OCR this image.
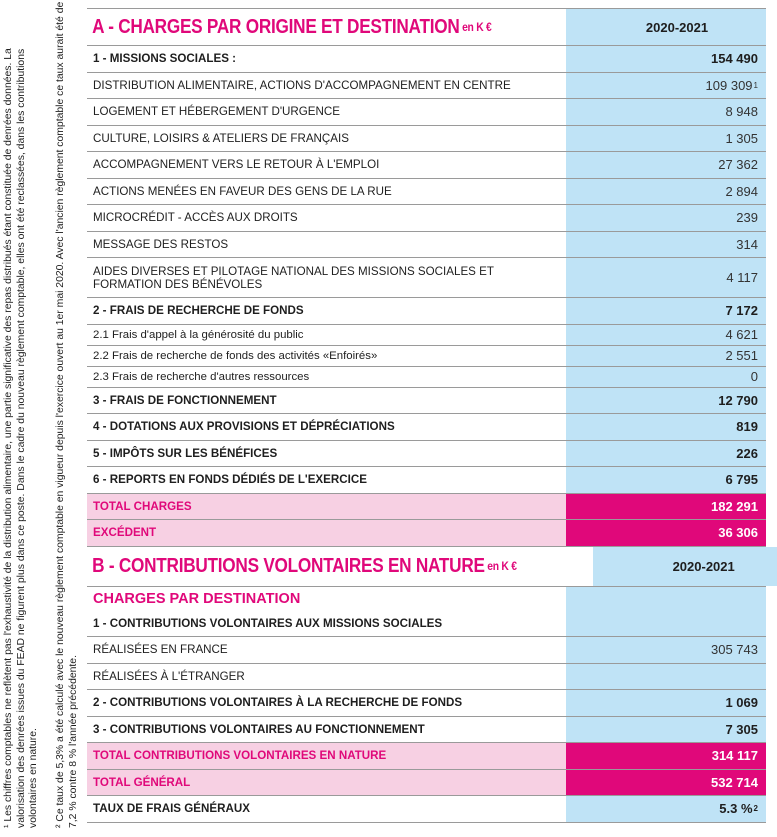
¹ Les chiffres comptables ne reflètent pas l'exhaustivité de la distribution alimentaire, une partie significative des repas distribués étant constituée de denrées données. La valorisation des denrées issues du FEAD ne figurent plus dans ce poste. Dans le cadre du nouveau règlement comptable, elles ont été reclassées, dans les contributions volontaires en nature. ² Ce taux de 5,3% a été calculé avec le nouveau règlement comptable en vigueur depuis l'exercice ouvert au 1er mai 2020. Avec l'ancien règlement comptable ce taux aurait été de 7,2 % contre 8 % l'année précédente.
A - CHARGES PAR ORIGINE ET DESTINATION en K €	2020-2021
1 - MISSIONS SOCIALES :	154 490
DISTRIBUTION ALIMENTAIRE, ACTIONS D'ACCOMPAGNEMENT EN CENTRE	109 309 1
LOGEMENT ET HÉBERGEMENT D'URGENCE	8 948
CULTURE, LOISIRS & ATELIERS DE FRANÇAIS	1 305
ACCOMPAGNEMENT VERS LE RETOUR À L'EMPLOI	27 362
ACTIONS MENÉES EN FAVEUR DES GENS DE LA RUE	2 894
MICROCRÉDIT - ACCÈS AUX DROITS	239
MESSAGE DES RESTOS	314
AIDES DIVERSES ET PILOTAGE NATIONAL DES MISSIONS SOCIALES ET FORMATION DES BÉNÉVOLES	4 117
2 - FRAIS DE RECHERCHE DE FONDS	7 172
2.1 Frais d'appel à la générosité du public	4 621
2.2 Frais de recherche de fonds des activités «Enfoirés»	2 551
2.3 Frais de recherche d'autres ressources	0
3 - FRAIS DE FONCTIONNEMENT	12 790
4 - DOTATIONS AUX PROVISIONS ET DÉPRÉCIATIONS	819
5 - IMPÔTS SUR LES BÉNÉFICES	226
6 - REPORTS EN FONDS DÉDIÉS DE L'EXERCICE	6 795
TOTAL CHARGES	182 291
EXCÉDENT	36 306
B - CONTRIBUTIONS VOLONTAIRES EN NATURE en K €	2020-2021
CHARGES PAR DESTINATION
1 - CONTRIBUTIONS VOLONTAIRES AUX MISSIONS SOCIALES
RÉALISÉES EN FRANCE	305 743
RÉALISÉES À L'ÉTRANGER
2 - CONTRIBUTIONS VOLONTAIRES À LA RECHERCHE DE FONDS	1 069
3 - CONTRIBUTIONS VOLONTAIRES AU FONCTIONNEMENT	7 305
TOTAL CONTRIBUTIONS VOLONTAIRES EN NATURE	314 117
TOTAL GÉNÉRAL	532 714
TAUX DE FRAIS GÉNÉRAUX	5.3 % 2
